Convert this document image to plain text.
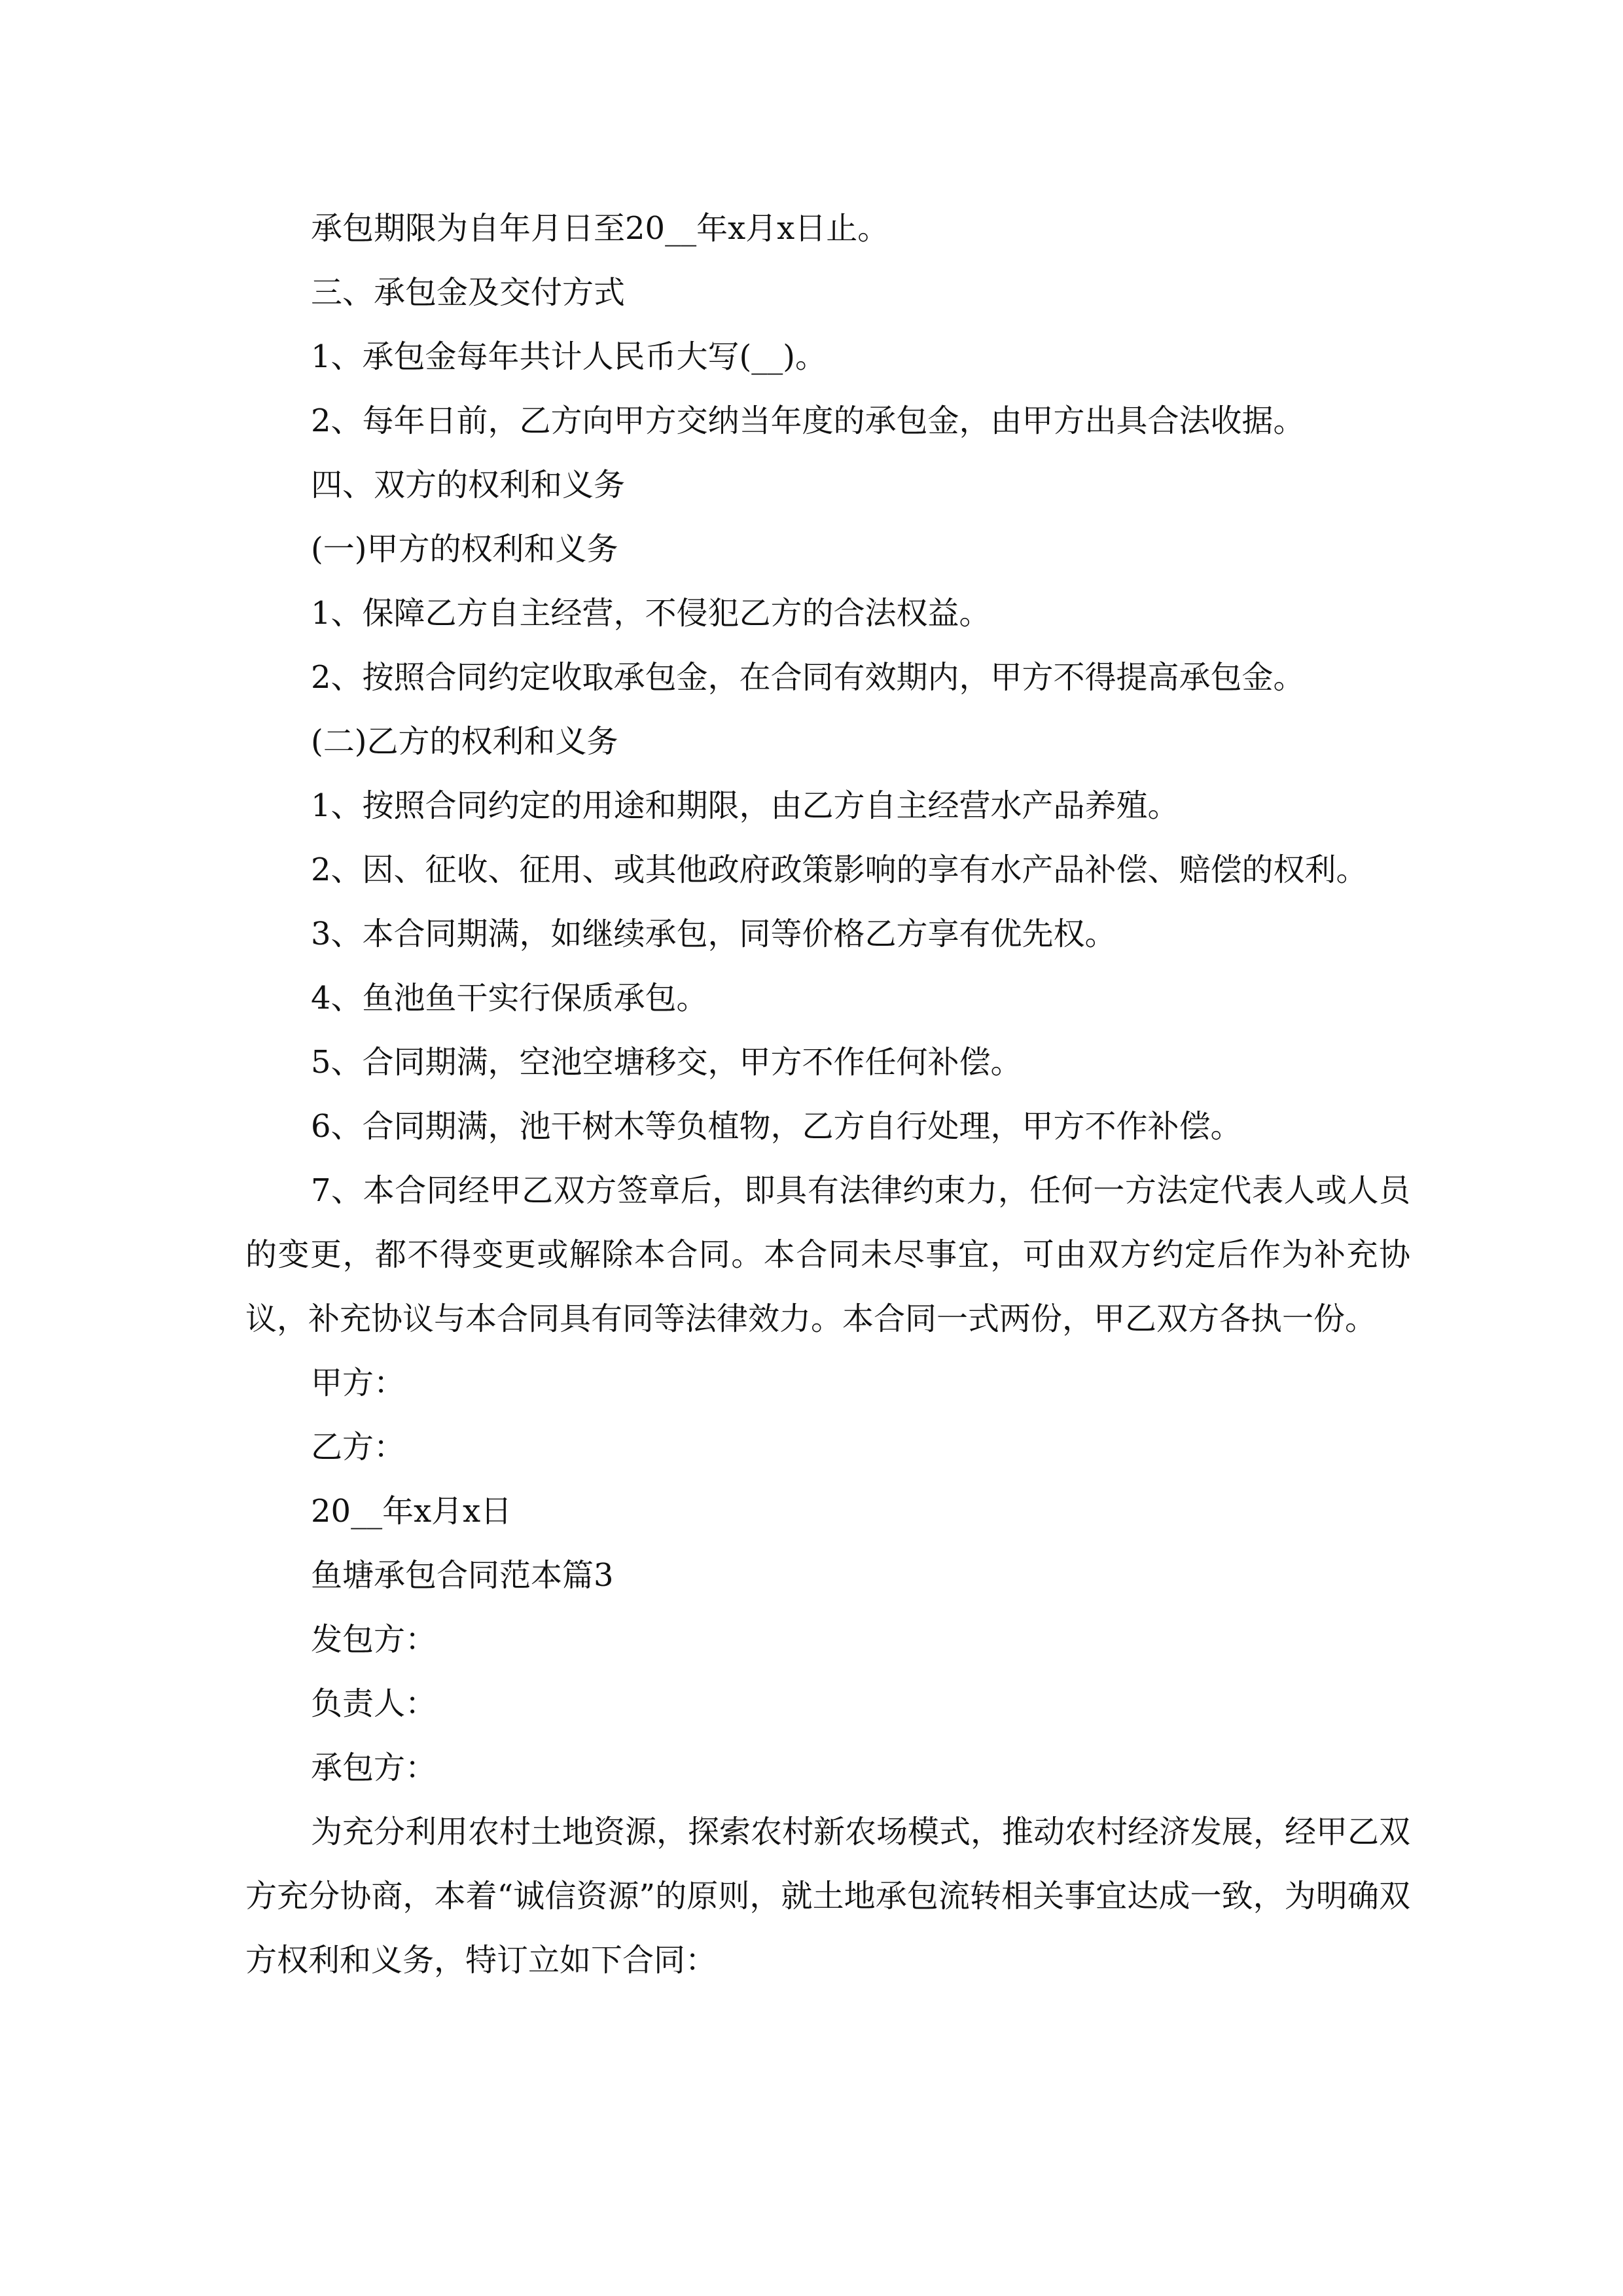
承包期限为自年月日至20__年x月x日止。

三、承包金及交付方式

1、承包金每年共计人民币大写(__)。

2、每年日前，乙方向甲方交纳当年度的承包金，由甲方出具合法收据。

四、双方的权利和义务

(一)甲方的权利和义务

1、保障乙方自主经营，不侵犯乙方的合法权益。

2、按照合同约定收取承包金，在合同有效期内，甲方不得提高承包金。

(二)乙方的权利和义务

1、按照合同约定的用途和期限，由乙方自主经营水产品养殖。

2、因、征收、征用、或其他政府政策影响的享有水产品补偿、赔偿的权利。

3、本合同期满，如继续承包，同等价格乙方享有优先权。

4、鱼池鱼干实行保质承包。

5、合同期满，空池空塘移交，甲方不作任何补偿。

6、合同期满，池干树木等负植物，乙方自行处理，甲方不作补偿。

7、本合同经甲乙双方签章后，即具有法律约束力，任何一方法定代表人或人员的变更，都不得变更或解除本合同。本合同未尽事宜，可由双方约定后作为补充协议，补充协议与本合同具有同等法律效力。本合同一式两份，甲乙双方各执一份。

甲方：

乙方：

20__年x月x日

鱼塘承包合同范本篇3

发包方：

负责人：

承包方：

为充分利用农村土地资源，探索农村新农场模式，推动农村经济发展，经甲乙双方充分协商，本着“诚信资源”的原则，就土地承包流转相关事宜达成一致，为明确双方权利和义务，特订立如下合同：
